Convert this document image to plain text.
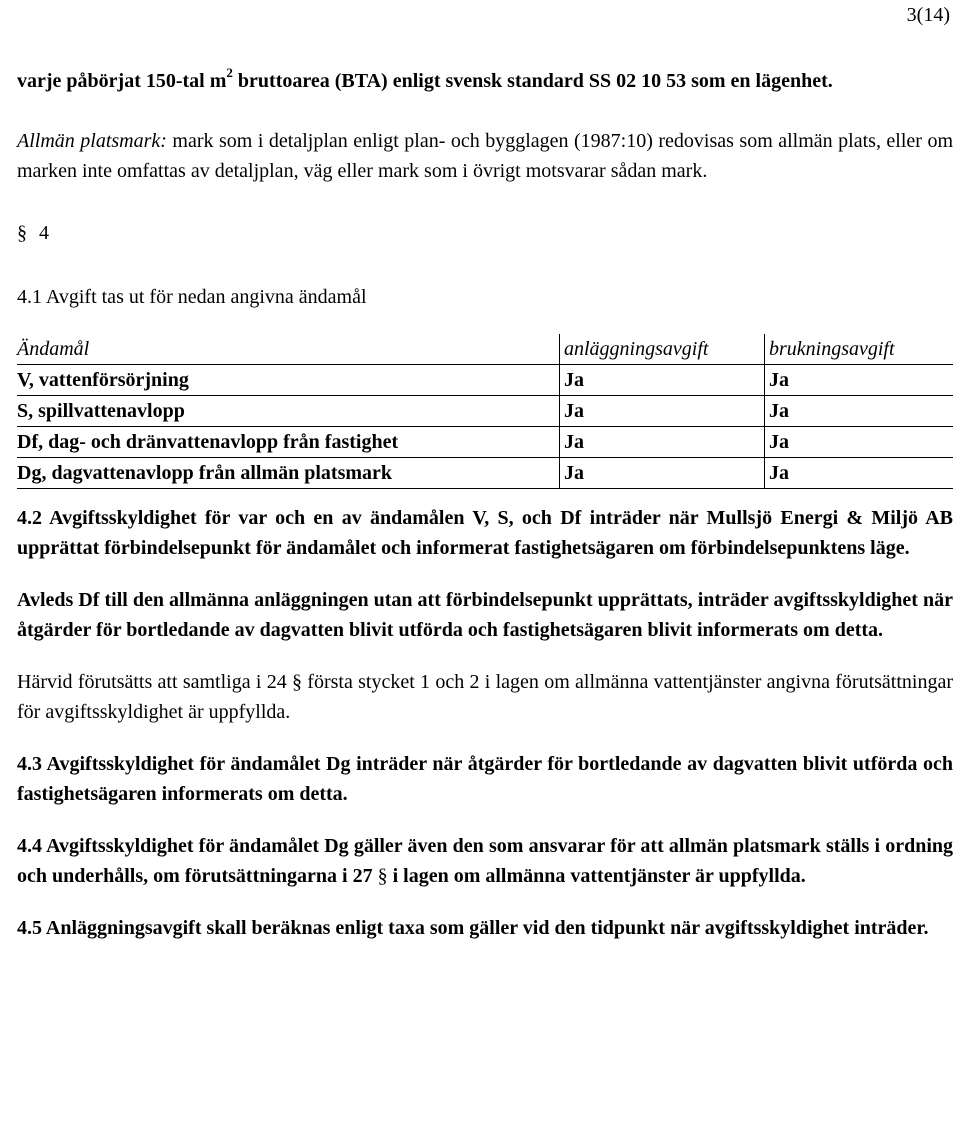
3(14)

varje påbörjat 150-tal $m^2$ bruttoarea (BTA) enligt svensk standard SS 02 10 53 som en lägenhet.

Allmän platsmark: mark som i detaljplan enligt plan- och bygglagen (1987:10) redovisas som allmän plats, eller om marken inte omfattas av detaljplan, väg eller mark som i övrigt motsvarar sådan mark.

§ 4

4.1 Avgift tas ut för nedan angivna ändamål

Ändamål	anläggningsavgift	brukningsavgift
V, vattenförsörjning	Ja	Ja
S, spillvattenavlopp	Ja	Ja
Df, dag- och dränvattenavlopp från fastighet	Ja	Ja
Dg, dagvattenavlopp från allmän platsmark	Ja	Ja

4.2 Avgiftsskyldighet för var och en av ändamålen V, S, och Df inträder när Mullsjö Energi & Miljö AB upprättat förbindelsepunkt för ändamålet och informerat fastighetsägaren om förbindelsepunktens läge.

Avleds Df till den allmänna anläggningen utan att förbindelsepunkt upprättats, inträder avgiftsskyldighet när åtgärder för bortledande av dagvatten blivit utförda och fastighetsägaren blivit informerats om detta.

Härvid förutsätts att samtliga i 24 § första stycket 1 och 2 i lagen om allmänna vattentjänster angivna förutsättningar för avgiftsskyldighet är uppfyllda.

4.3 Avgiftsskyldighet för ändamålet Dg inträder när åtgärder för bortledande av dagvatten blivit utförda och fastighetsägaren informerats om detta.

4.4 Avgiftsskyldighet för ändamålet Dg gäller även den som ansvarar för att allmän platsmark ställs i ordning och underhålls, om förutsättningarna i 27 § i lagen om allmänna vattentjänster är uppfyllda.

4.5 Anläggningsavgift skall beräknas enligt taxa som gäller vid den tidpunkt när avgiftsskyldighet inträder.
